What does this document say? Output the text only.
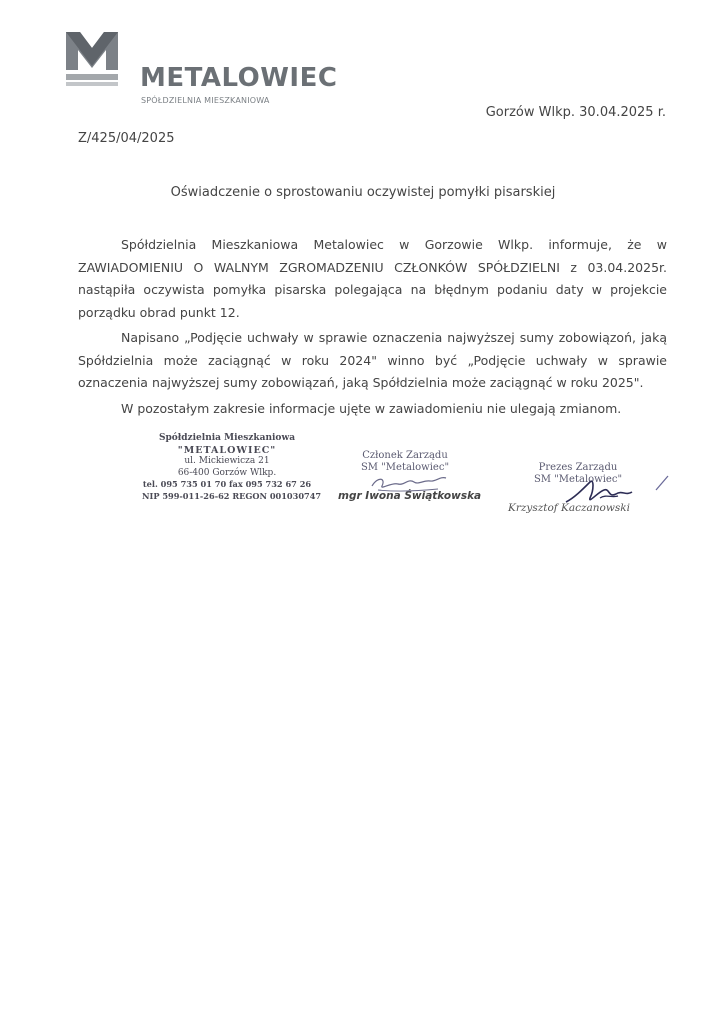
METALOWIEC
SPÓŁDZIELNIA MIESZKANIOWA
Gorzów Wlkp. 30.04.2025 r.
Z/425/04/2025
Oświadczenie o sprostowaniu oczywistej pomyłki pisarskiej

Spółdzielnia Mieszkaniowa Metalowiec w Gorzowie Wlkp. informuje, że w ZAWIADOMIENIU O WALNYM ZGROMADZENIU CZŁONKÓW SPÓŁDZIELNI z 03.04.2025r. nastąpiła oczywista pomyłka pisarska polegająca na błędnym podaniu daty w projekcie porządku obrad punkt 12.

Napisano „Podjęcie uchwały w sprawie oznaczenia najwyższej sumy zobowiązoń, jaką Spółdzielnia może zaciągnąć w roku 2024" winno być „Podjęcie uchwały w sprawie oznaczenia najwyższej sumy zobowiązań, jaką Spółdzielnia może zaciągnąć w roku 2025".

W pozostałym zakresie informacje ujęte w zawiadomieniu nie ulegają zmianom.

Spółdzielnia Mieszkaniowa
"METALOWIEC"
ul. Mickiewicza 21
66-400 Gorzów Wlkp.
tel. 095 735 01 70 fax 095 732 67 26
NIP 599-011-26-62 REGON 001030747
Członek Zarządu
SM "Metalowiec"
mgr Iwona Świątkowska
Prezes Zarządu
SM "Metalowiec"
Krzysztof Kaczanowski
